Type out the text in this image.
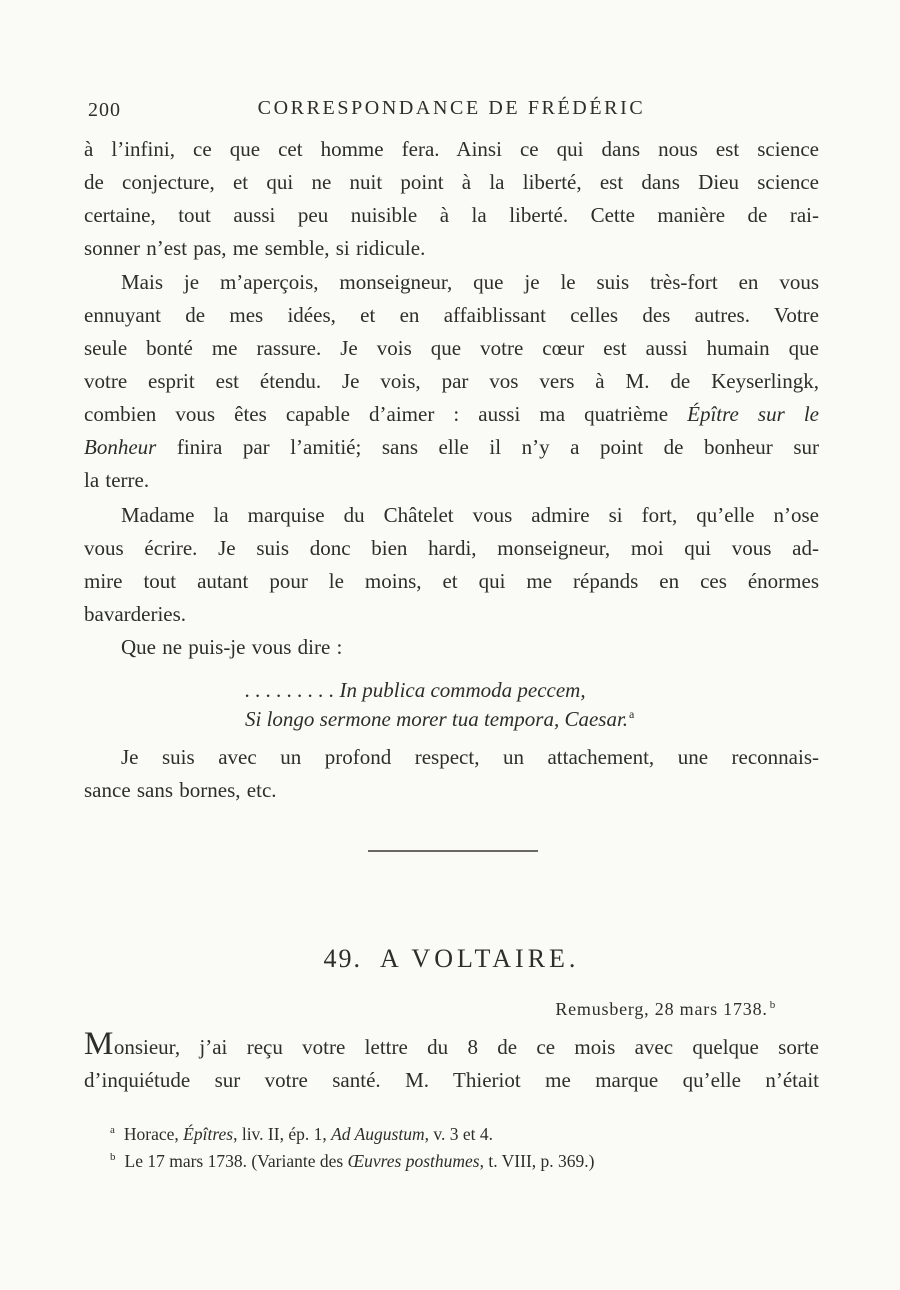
200	CORRESPONDANCE DE FRÉDÉRIC
à l’infini, ce que cet homme fera. Ainsi ce qui dans nous est science
de conjecture, et qui ne nuit point à la liberté, est dans Dieu science
certaine, tout aussi peu nuisible à la liberté. Cette manière de rai-
sonner n’est pas, me semble, si ridicule.
Mais je m’aperçois, monseigneur, que je le suis très-fort en vous
ennuyant de mes idées, et en affaiblissant celles des autres. Votre
seule bonté me rassure. Je vois que votre cœur est aussi humain que
votre esprit est étendu. Je vois, par vos vers à M. de Keyserlingk,
combien vous êtes capable d’aimer : aussi ma quatrième Épître sur le
Bonheur finira par l’amitié; sans elle il n’y a point de bonheur sur
la terre.
Madame la marquise du Châtelet vous admire si fort, qu’elle n’ose
vous écrire. Je suis donc bien hardi, monseigneur, moi qui vous ad-
mire tout autant pour le moins, et qui me répands en ces énormes
bavarderies.
Que ne puis-je vous dire :
. . . . . . . . . In publica commoda peccem,
Si longo sermone morer tua tempora, Caesar.$^a$
Je suis avec un profond respect, un attachement, une reconnais-
sance sans bornes, etc.
49. A VOLTAIRE.
Remusberg, 28 mars 1738. $^b$
Monsieur, j’ai reçu votre lettre du 8 de ce mois avec quelque sorte
d’inquiétude sur votre santé. M. Thieriot me marque qu’elle n’était
$^a$ Horace, Épîtres, liv. II, ép. 1, Ad Augustum, v. 3 et 4.
$^b$ Le 17 mars 1738. (Variante des Œuvres posthumes, t. VIII, p. 369.)
